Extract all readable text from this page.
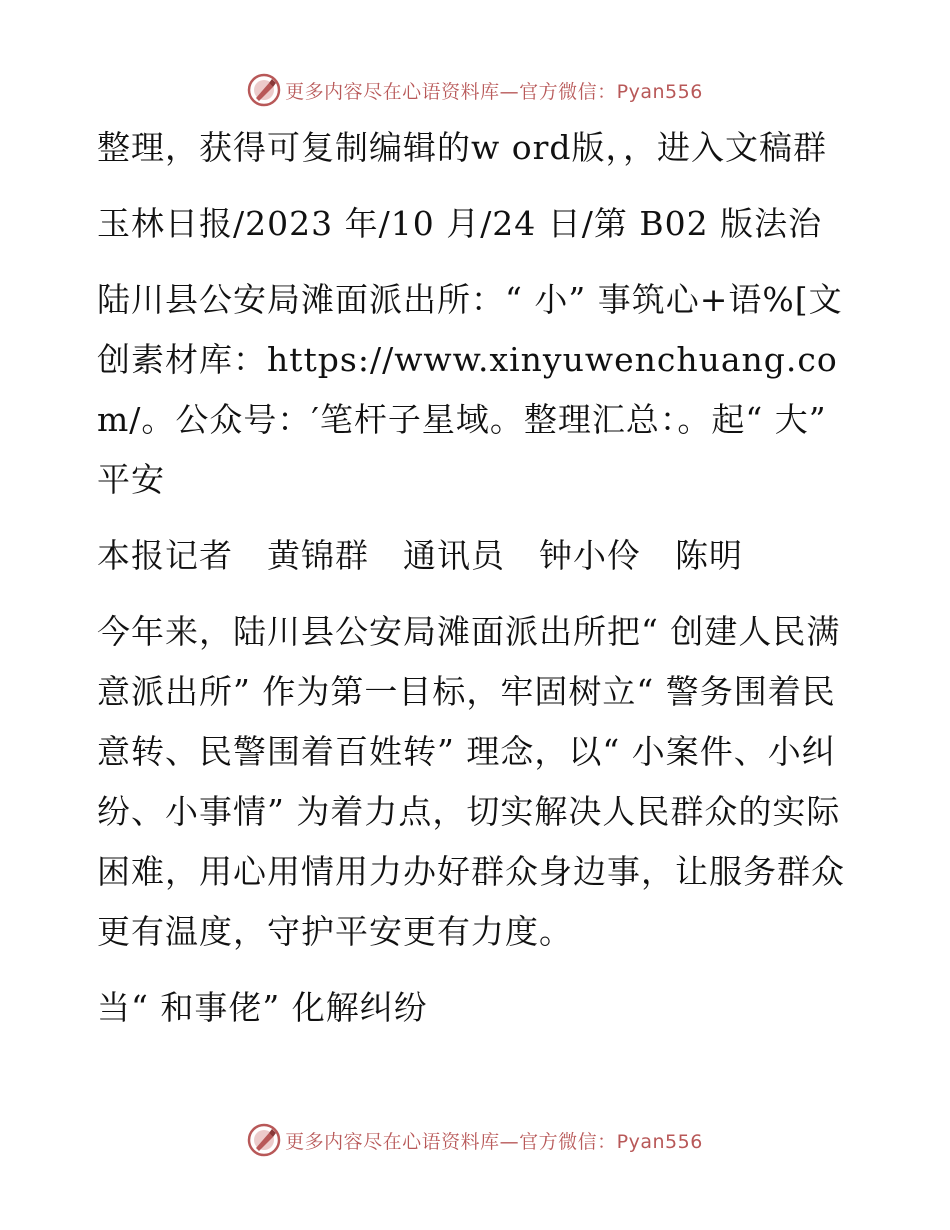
更多内容尽在心语资料库—官方微信：Pyan556

整理，获得可复制编辑的w ord版，，进入文稿群

玉林日报/2023 年/10 月/24 日/第 B02 版法治

陆川县公安局滩面派出所：“ 小” 事筑心+语%[文创素材库：https://www.xinyuwenchuang.com/。公众号：′笔杆子星域。整理汇总：。起“ 大” 平安

本报记者　黄锦群　通讯员　钟小伶　陈明

今年来，陆川县公安局滩面派出所把“ 创建人民满意派出所” 作为第一目标，牢固树立“ 警务围着民意转、民警围着百姓转” 理念，以“ 小案件、小纠纷、小事情” 为着力点，切实解决人民群众的实际困难，用心用情用力办好群众身边事，让服务群众更有温度，守护平安更有力度。

当“ 和事佬” 化解纠纷

更多内容尽在心语资料库—官方微信：Pyan556
